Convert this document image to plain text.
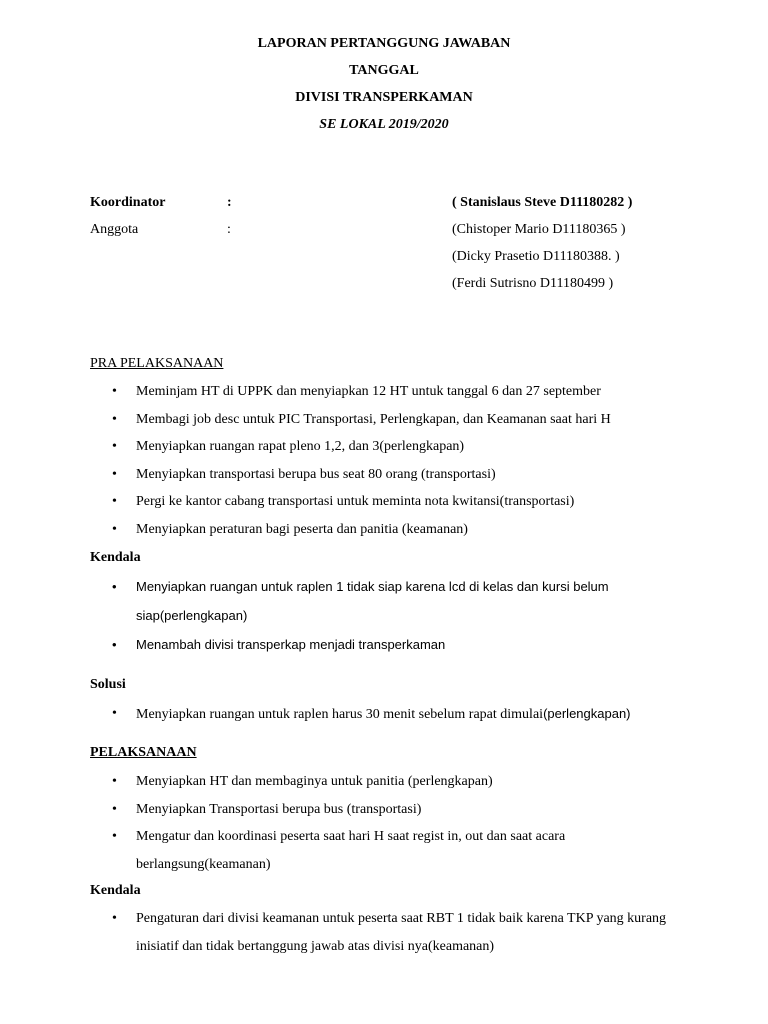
LAPORAN PERTANGGUNG JAWABAN
TANGGAL
DIVISI TRANSPERKAMAN
SE LOKAL 2019/2020
Koordinator	:	( Stanislaus Steve D11180282 )
Anggota	:	(Chistoper Mario D11180365 )
(Dicky Prasetio D11180388. )
(Ferdi Sutrisno D11180499 )
PRA PELAKSANAAN
• Meminjam HT di UPPK dan menyiapkan 12 HT untuk tanggal 6 dan 27 september
• Membagi job desc untuk PIC Transportasi, Perlengkapan, dan Keamanan saat hari H
• Menyiapkan ruangan rapat pleno 1,2, dan 3(perlengkapan)
• Menyiapkan transportasi berupa bus seat 80 orang (transportasi)
• Pergi ke kantor cabang transportasi untuk meminta nota kwitansi(transportasi)
• Menyiapkan peraturan bagi peserta dan panitia (keamanan)
Kendala
• Menyiapkan ruangan untuk raplen 1 tidak siap karena lcd di kelas dan kursi belum siap(perlengkapan)
• Menambah divisi transperkap menjadi transperkaman
Solusi
• Menyiapkan ruangan untuk raplen harus 30 menit sebelum rapat dimulai(perlengkapan)
PELAKSANAAN
• Menyiapkan HT dan membaginya untuk panitia (perlengkapan)
• Menyiapkan Transportasi berupa bus (transportasi)
• Mengatur dan koordinasi peserta saat hari H saat regist in, out dan saat acara berlangsung(keamanan)
Kendala
• Pengaturan dari divisi keamanan untuk peserta saat RBT 1 tidak baik karena TKP yang kurang inisiatif dan tidak bertanggung jawab atas divisi nya(keamanan)
